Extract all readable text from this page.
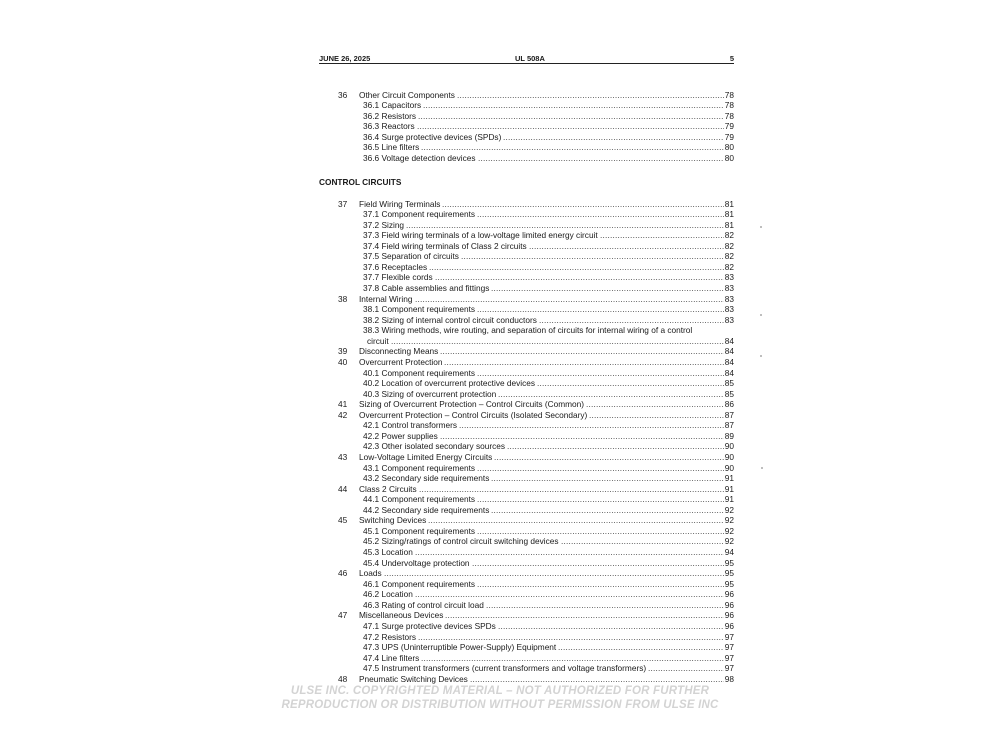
JUNE 26, 2025	UL 508A	5
CONTROL CIRCUITS
36 Other Circuit Components .....	78
36.1 Capacitors .....	78
36.2 Resistors .....	78
36.3 Reactors .....	79
36.4 Surge protective devices (SPDs) .....	79
36.5 Line filters .....	80
36.6 Voltage detection devices .....	80
37 Field Wiring Terminals .....	81
37.1 Component requirements .....	81
37.2 Sizing .....	81
37.3 Field wiring terminals of a low-voltage limited energy circuit .....	82
37.4 Field wiring terminals of Class 2 circuits .....	82
37.5 Separation of circuits .....	82
37.6 Receptacles .....	82
37.7 Flexible cords .....	83
37.8 Cable assemblies and fittings .....	83
38 Internal Wiring .....	83
38.1 Component requirements .....	83
38.2 Sizing of internal control circuit conductors .....	83
38.3 Wiring methods, wire routing, and separation of circuits for internal wiring of a control
circuit .....	84
39 Disconnecting Means .....	84
40 Overcurrent Protection .....	84
40.1 Component requirements .....	84
40.2 Location of overcurrent protective devices .....	85
40.3 Sizing of overcurrent protection .....	85
41 Sizing of Overcurrent Protection – Control Circuits (Common) .....	86
42 Overcurrent Protection – Control Circuits (Isolated Secondary) .....	87
42.1 Control transformers .....	87
42.2 Power supplies .....	89
42.3 Other isolated secondary sources .....	90
43 Low-Voltage Limited Energy Circuits .....	90
43.1 Component requirements .....	90
43.2 Secondary side requirements .....	91
44 Class 2 Circuits .....	91
44.1 Component requirements .....	91
44.2 Secondary side requirements .....	92
45 Switching Devices .....	92
45.1 Component requirements .....	92
45.2 Sizing/ratings of control circuit switching devices .....	92
45.3 Location .....	94
45.4 Undervoltage protection .....	95
46 Loads .....	95
46.1 Component requirements .....	95
46.2 Location .....	96
46.3 Rating of control circuit load .....	96
47 Miscellaneous Devices .....	96
47.1 Surge protective devices SPDs .....	96
47.2 Resistors .....	97
47.3 UPS (Uninterruptible Power-Supply) Equipment .....	97
47.4 Line filters .....	97
47.5 Instrument transformers (current transformers and voltage transformers) .....	97
48 Pneumatic Switching Devices .....	98
ULSE INC. COPYRIGHTED MATERIAL – NOT AUTHORIZED FOR FURTHER
REPRODUCTION OR DISTRIBUTION WITHOUT PERMISSION FROM ULSE INC
